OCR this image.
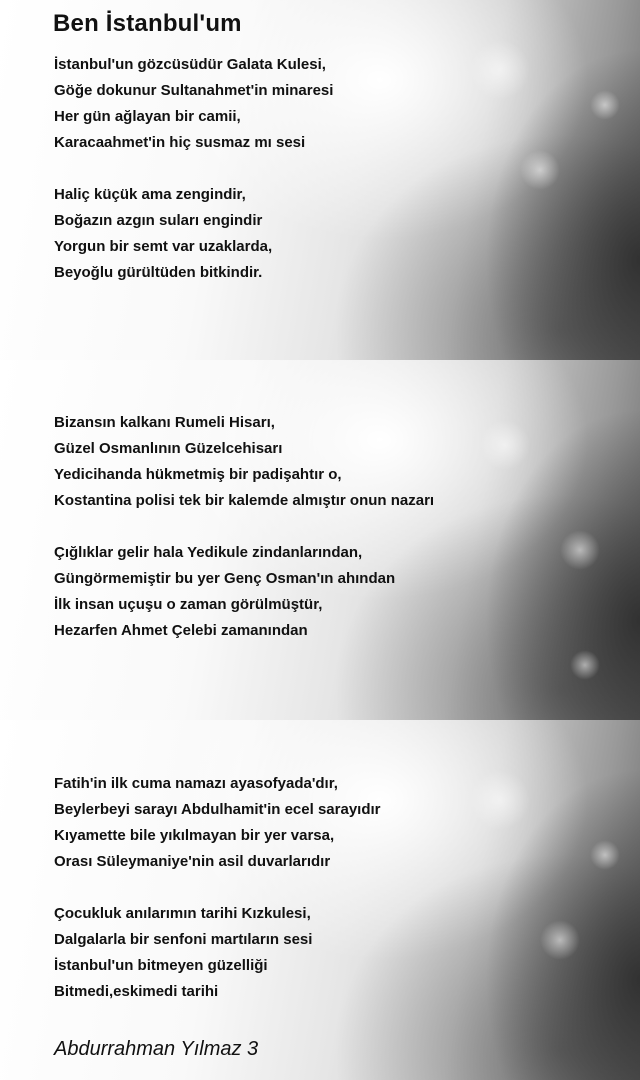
Ben İstanbul'um
İstanbul'un gözcüsüdür Galata Kulesi,
Göğe dokunur Sultanahmet'in minaresi
Her gün ağlayan bir camii,
Karacaahmet'in hiç susmaz mı sesi
Haliç küçük ama zengindir,
Boğazın azgın suları engindir
Yorgun bir semt var uzaklarda,
Beyoğlu gürültüden bitkindir.
Bizansın kalkanı Rumeli Hisarı,
Güzel Osmanlının Güzelcehisarı
Yedicihanda hükmetmiş bir padişahtır o,
Kostantina polisi tek bir kalemde almıştır onun nazarı
Çığlıklar gelir hala Yedikule zindanlarından,
Güngörmemiştir bu yer Genç Osman'ın ahından
İlk insan uçuşu o zaman görülmüştür,
Hezarfen Ahmet Çelebi zamanından
Fatih'in ilk cuma namazı ayasofyada'dır,
Beylerbeyi sarayı Abdulhamit'in ecel sarayıdır
Kıyamette bile yıkılmayan bir yer varsa,
Orası Süleymaniye'nin asil duvarlarıdır
Çocukluk anılarımın tarihi Kızkulesi,
Dalgalarla bir senfoni martıların sesi
İstanbul'un bitmeyen güzelliği
Bitmedi,eskimedi tarihi
Abdurrahman Yılmaz 3
